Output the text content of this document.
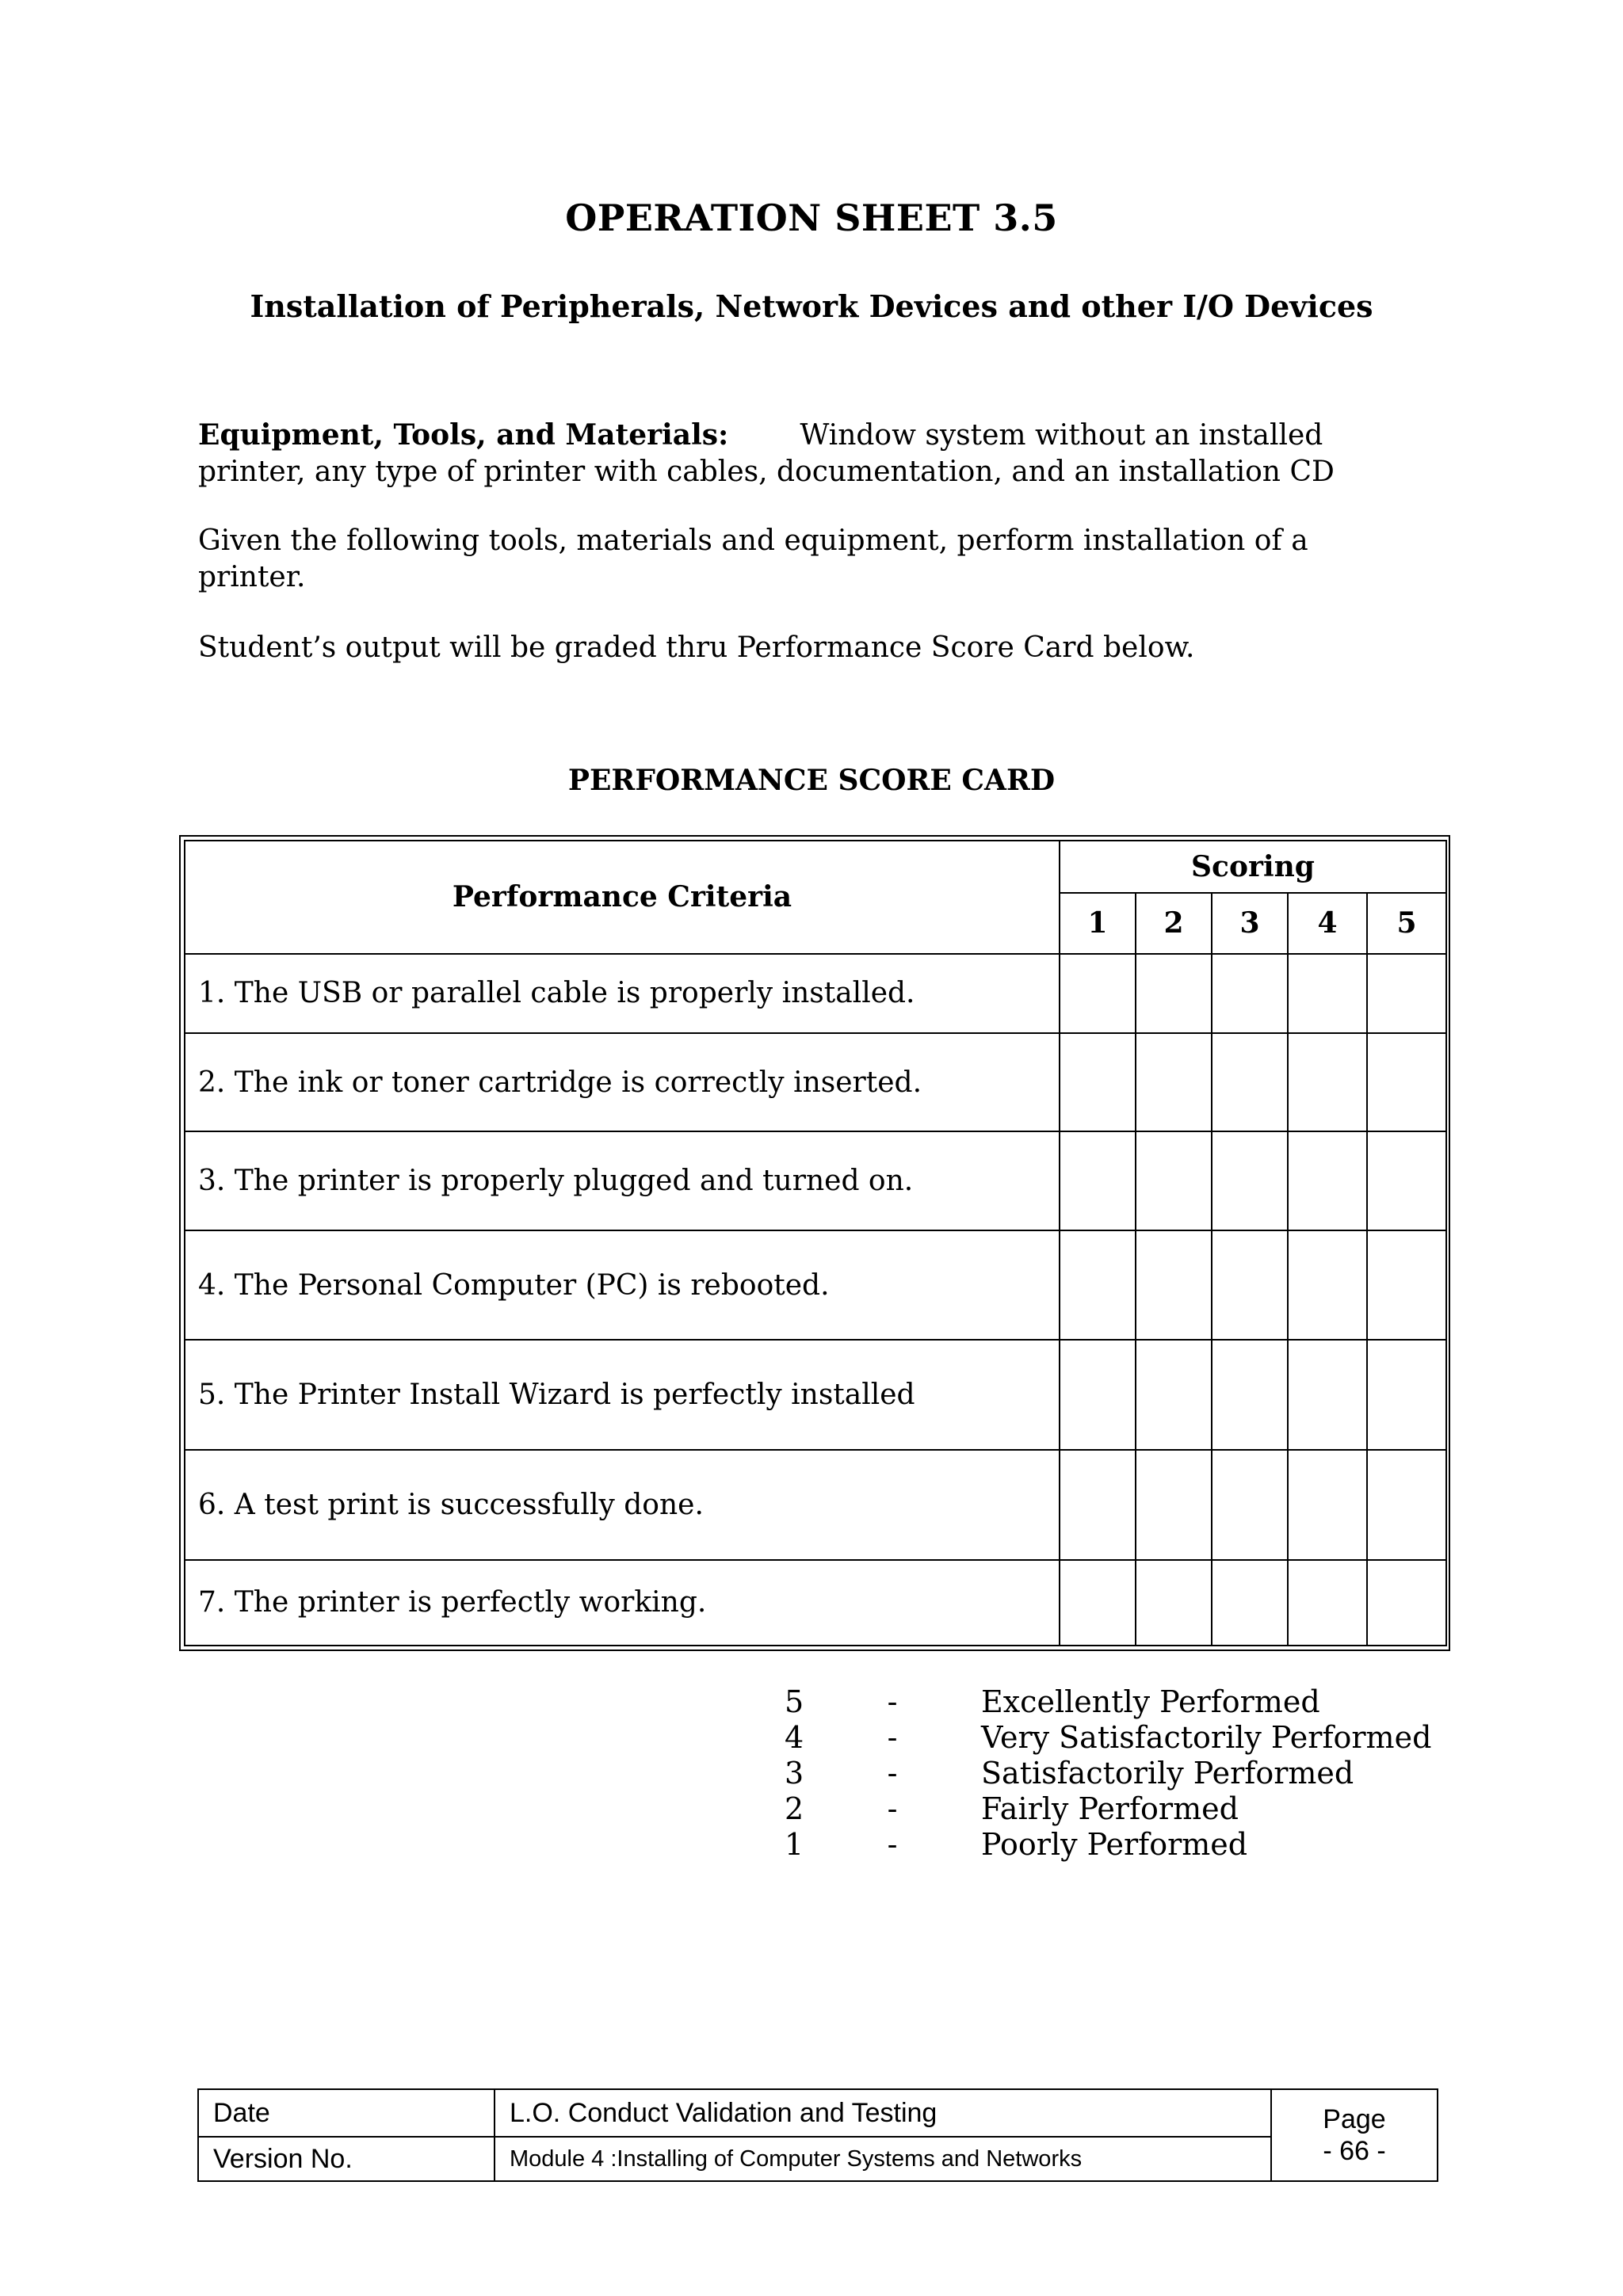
OPERATION SHEET 3.5
Installation of Peripherals, Network Devices and other I/O Devices
Equipment, Tools, and Materials:	Window system without an installed
printer, any type of printer with cables, documentation, and an installation CD
Given the following tools, materials and equipment, perform installation of a
printer.
Student’s output will be graded thru Performance Score Card below.
PERFORMANCE SCORE CARD
Performance Criteria	Scoring				
	1	2	3	4	5
1. The USB or parallel cable is properly installed.					
2. The ink or toner cartridge is correctly inserted.					
3. The printer is properly plugged and turned on.					
4. The Personal Computer (PC) is rebooted.					
5. The Printer Install Wizard is perfectly installed					
6. A test print is successfully done.					
7. The printer is perfectly working.					
5	-	Excellently Performed
4	-	Very Satisfactorily Performed
3	-	Satisfactorily Performed
2	-	Fairly Performed
1	-	Poorly Performed
Date	L.O. Conduct Validation and Testing	Page
- 66 -

Version No.	Module 4 :Installing of Computer Systems and Networks	
